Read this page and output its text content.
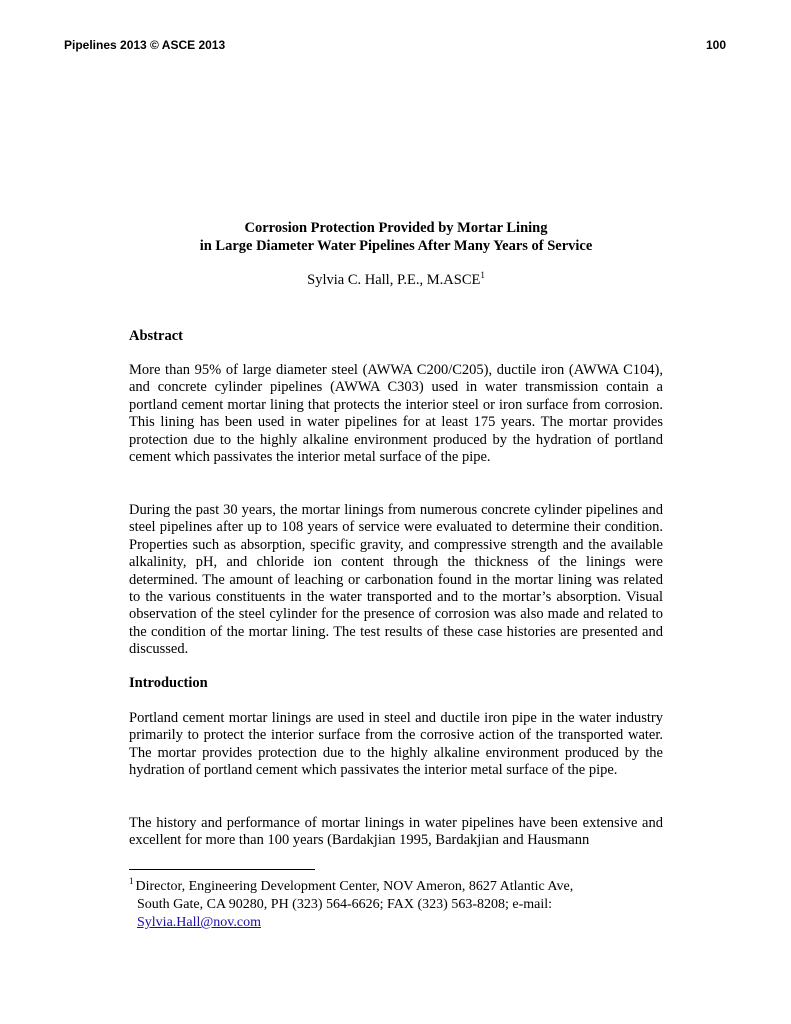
Pipelines 2013 © ASCE 2013	100
Corrosion Protection Provided by Mortar Lining
in Large Diameter Water Pipelines After Many Years of Service
Sylvia C. Hall, P.E., M.ASCE$^1$
Abstract

More than 95% of large diameter steel (AWWA C200/C205), ductile iron (AWWA C104), and concrete cylinder pipelines (AWWA C303) used in water transmission contain a portland cement mortar lining that protects the interior steel or iron surface from corrosion. This lining has been used in water pipelines for at least 175 years. The mortar provides protection due to the highly alkaline environment produced by the hydration of portland cement which passivates the interior metal surface of the pipe.

During the past 30 years, the mortar linings from numerous concrete cylinder pipelines and steel pipelines after up to 108 years of service were evaluated to determine their condition. Properties such as absorption, specific gravity, and compressive strength and the available alkalinity, pH, and chloride ion content through the thickness of the linings were determined. The amount of leaching or carbonation found in the mortar lining was related to the various constituents in the water transported and to the mortar’s absorption. Visual observation of the steel cylinder for the presence of corrosion was also made and related to the condition of the mortar lining. The test results of these case histories are presented and discussed.

Introduction

Portland cement mortar linings are used in steel and ductile iron pipe in the water industry primarily to protect the interior surface from the corrosive action of the transported water. The mortar provides protection due to the highly alkaline environment produced by the hydration of portland cement which passivates the interior metal surface of the pipe.

The history and performance of mortar linings in water pipelines have been extensive and excellent for more than 100 years (Bardakjian 1995, Bardakjian and Hausmann

$^1$ Director, Engineering Development Center, NOV Ameron, 8627 Atlantic Ave,
South Gate, CA 90280, PH (323) 564-6626; FAX (323) 563-8208; e-mail:
Sylvia.Hall@nov.com
